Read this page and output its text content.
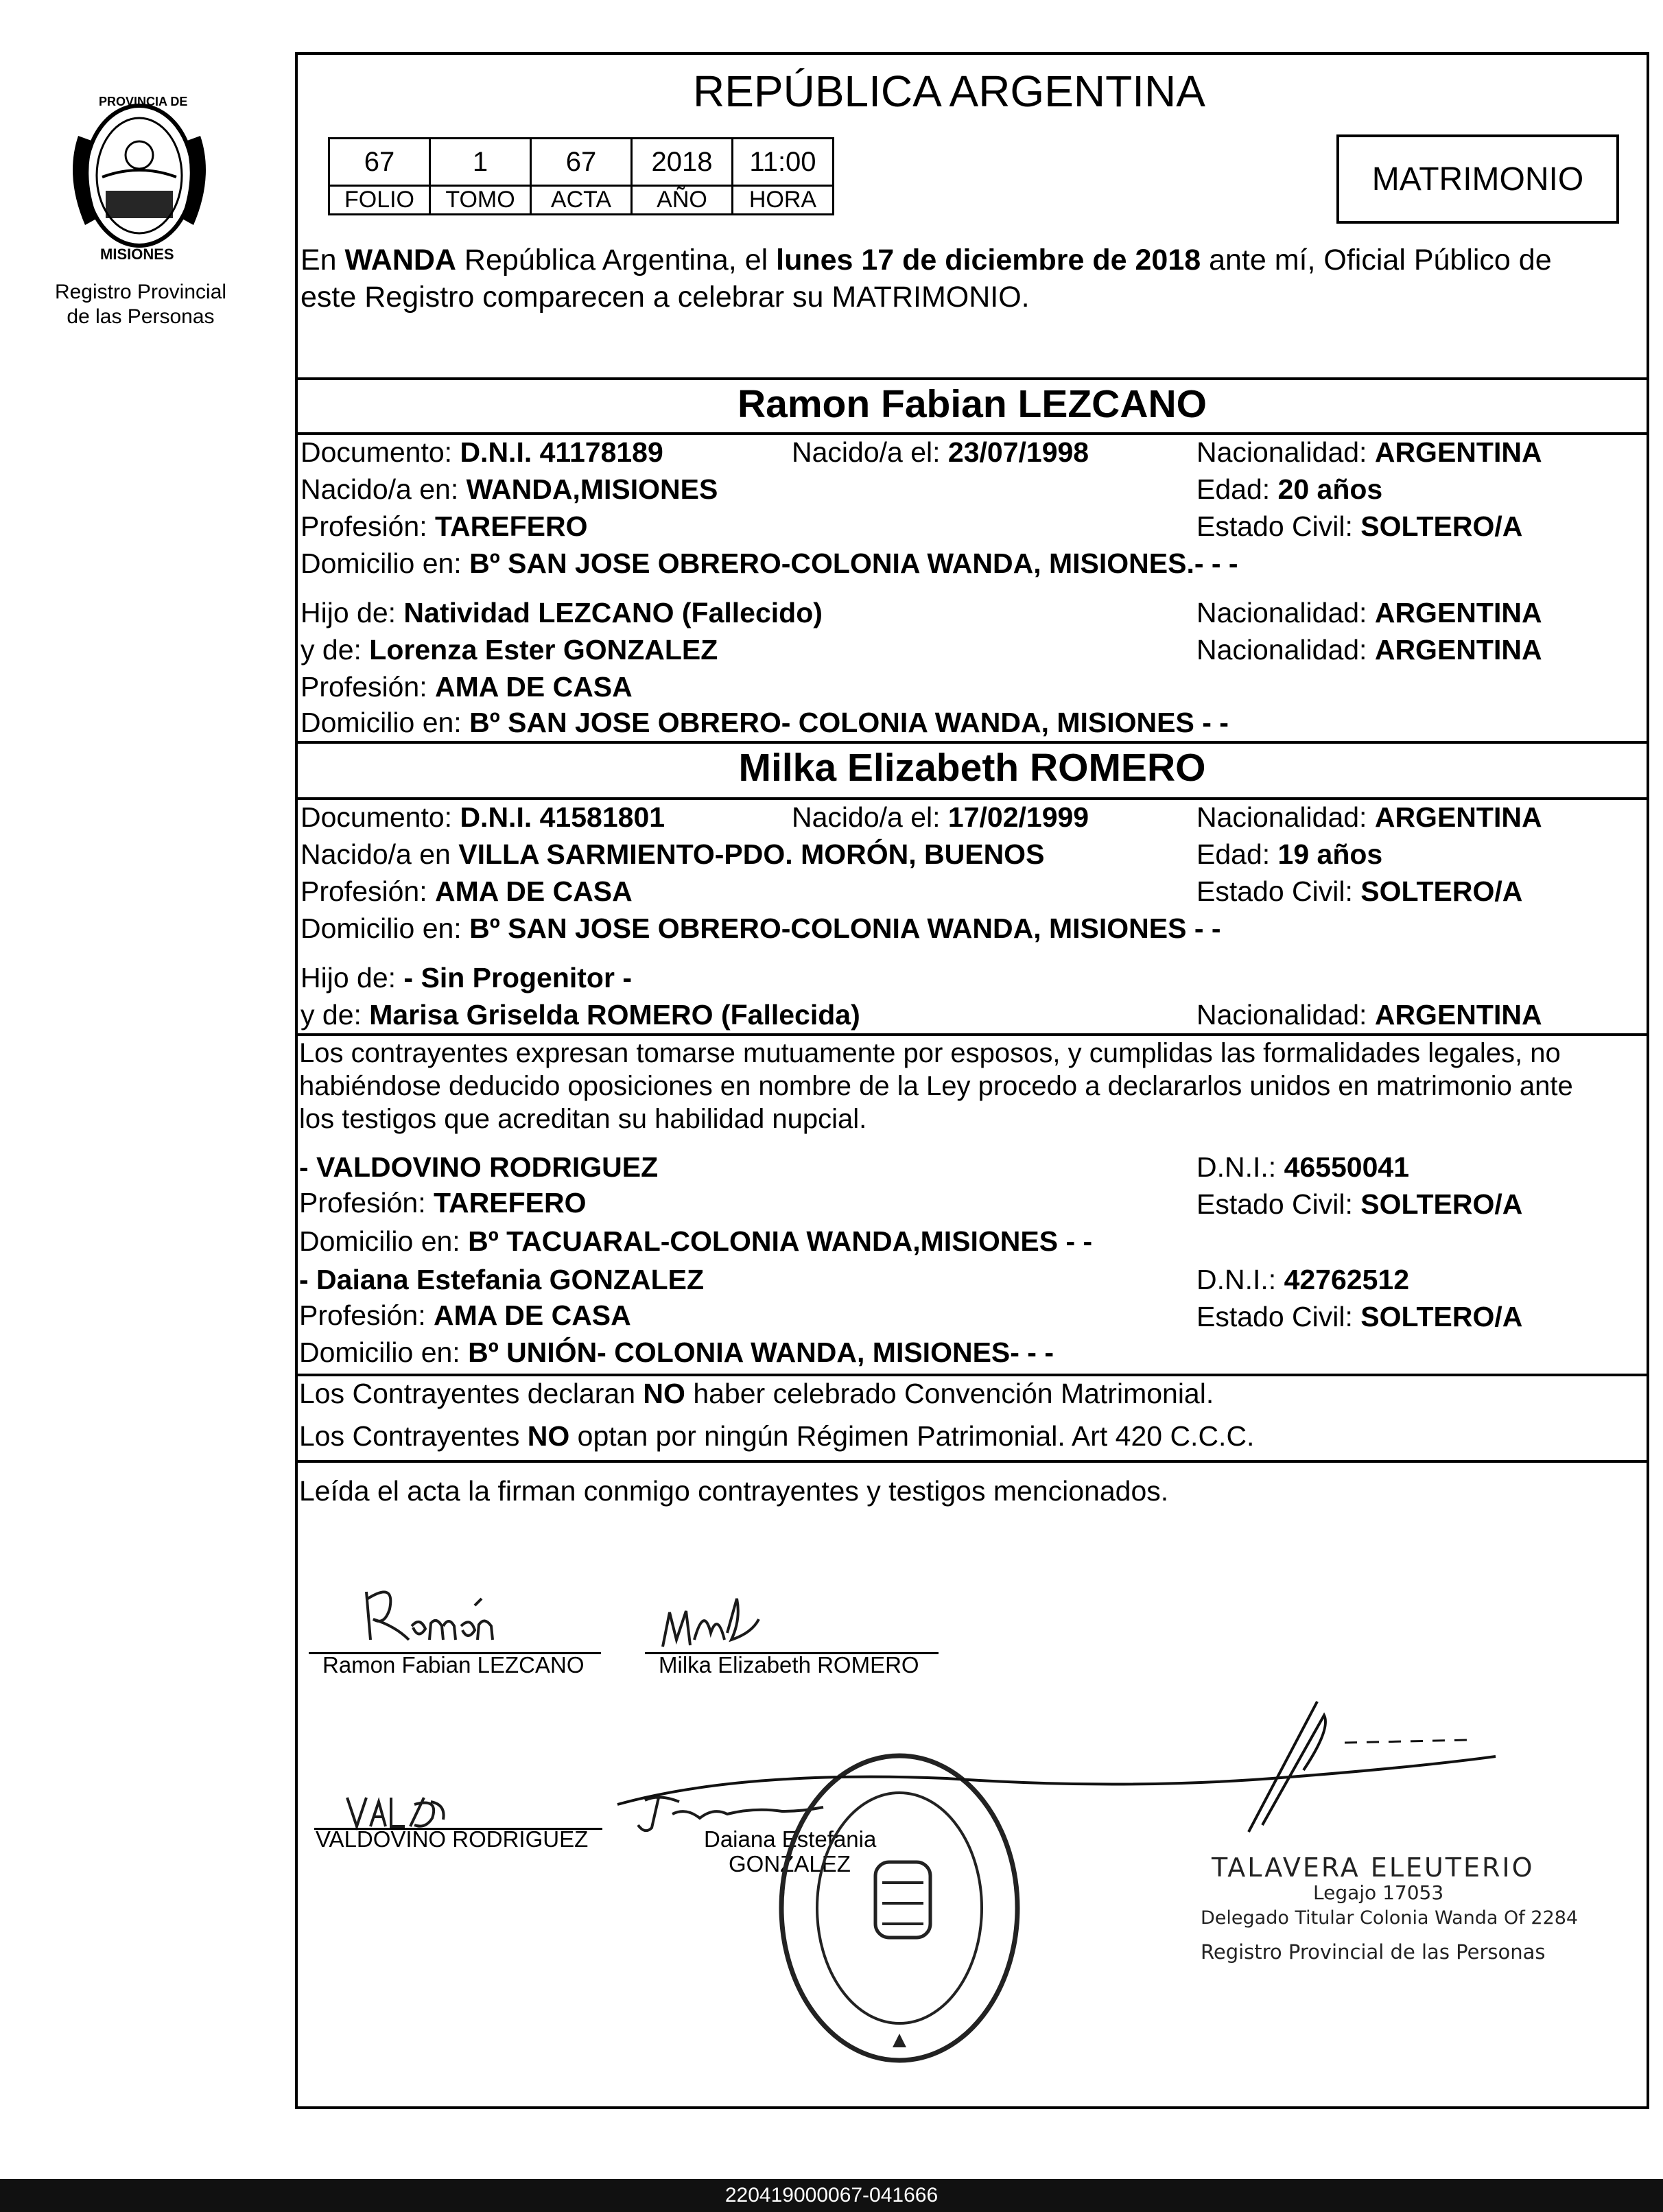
PROVINCIA DE
MISIONES
Registro Provincial
de las Personas
REPÚBLICA ARGENTINA
67	1	67	2018	11:00
FOLIO	TOMO	ACTA	AÑO	HORA
MATRIMONIO
En WANDA República Argentina, el lunes 17 de diciembre de 2018 ante mí, Oficial Público de
este Registro comparecen a celebrar su MATRIMONIO.
Ramon Fabian LEZCANO
Documento: D.N.I. 41178189	Nacido/a el: 23/07/1998	Nacionalidad: ARGENTINA
Nacido/a en: WANDA,MISIONES	Edad: 20 años
Profesión: TAREFERO	Estado Civil: SOLTERO/A
Domicilio en: Bº SAN JOSE OBRERO-COLONIA WANDA, MISIONES.- - -
Hijo de: Natividad LEZCANO (Fallecido)	Nacionalidad: ARGENTINA
y de: Lorenza Ester GONZALEZ	Nacionalidad: ARGENTINA
Profesión: AMA DE CASA
Domicilio en: Bº SAN JOSE OBRERO- COLONIA WANDA, MISIONES - -
Milka Elizabeth ROMERO
Documento: D.N.I. 41581801	Nacido/a el: 17/02/1999	Nacionalidad: ARGENTINA
Nacido/a en VILLA SARMIENTO-PDO. MORÓN, BUENOS	Edad: 19 años
Profesión: AMA DE CASA	Estado Civil: SOLTERO/A
Domicilio en: Bº SAN JOSE OBRERO-COLONIA WANDA, MISIONES - -
Hijo de: - Sin Progenitor -
y de: Marisa Griselda ROMERO (Fallecida)	Nacionalidad: ARGENTINA
Los contrayentes expresan tomarse mutuamente por esposos, y cumplidas las formalidades legales, no
habiéndose deducido oposiciones en nombre de la Ley procedo a declararlos unidos en matrimonio ante
los testigos que acreditan su habilidad nupcial.
- VALDOVINO RODRIGUEZ	D.N.I.: 46550041
Profesión: TAREFERO	Estado Civil: SOLTERO/A
Domicilio en: Bº TACUARAL-COLONIA WANDA,MISIONES - -
- Daiana Estefania GONZALEZ	D.N.I.: 42762512
Profesión: AMA DE CASA	Estado Civil: SOLTERO/A
Domicilio en: Bº UNIÓN- COLONIA WANDA, MISIONES- - -
Los Contrayentes declaran NO haber celebrado Convención Matrimonial.
Los Contrayentes NO optan por ningún Régimen Patrimonial. Art 420 C.C.C.
Leída el acta la firman conmigo contrayentes y testigos mencionados.
Ramon Fabian LEZCANO	Milka Elizabeth ROMERO
VALDOVINO RODRIGUEZ	Daiana Estefania
GONZALEZ	TALAVERA ELEUTERIO
Legajo 17053
Delegado Titular Colonia Wanda Of 2284
Registro Provincial de las Personas
220419000067-041666
